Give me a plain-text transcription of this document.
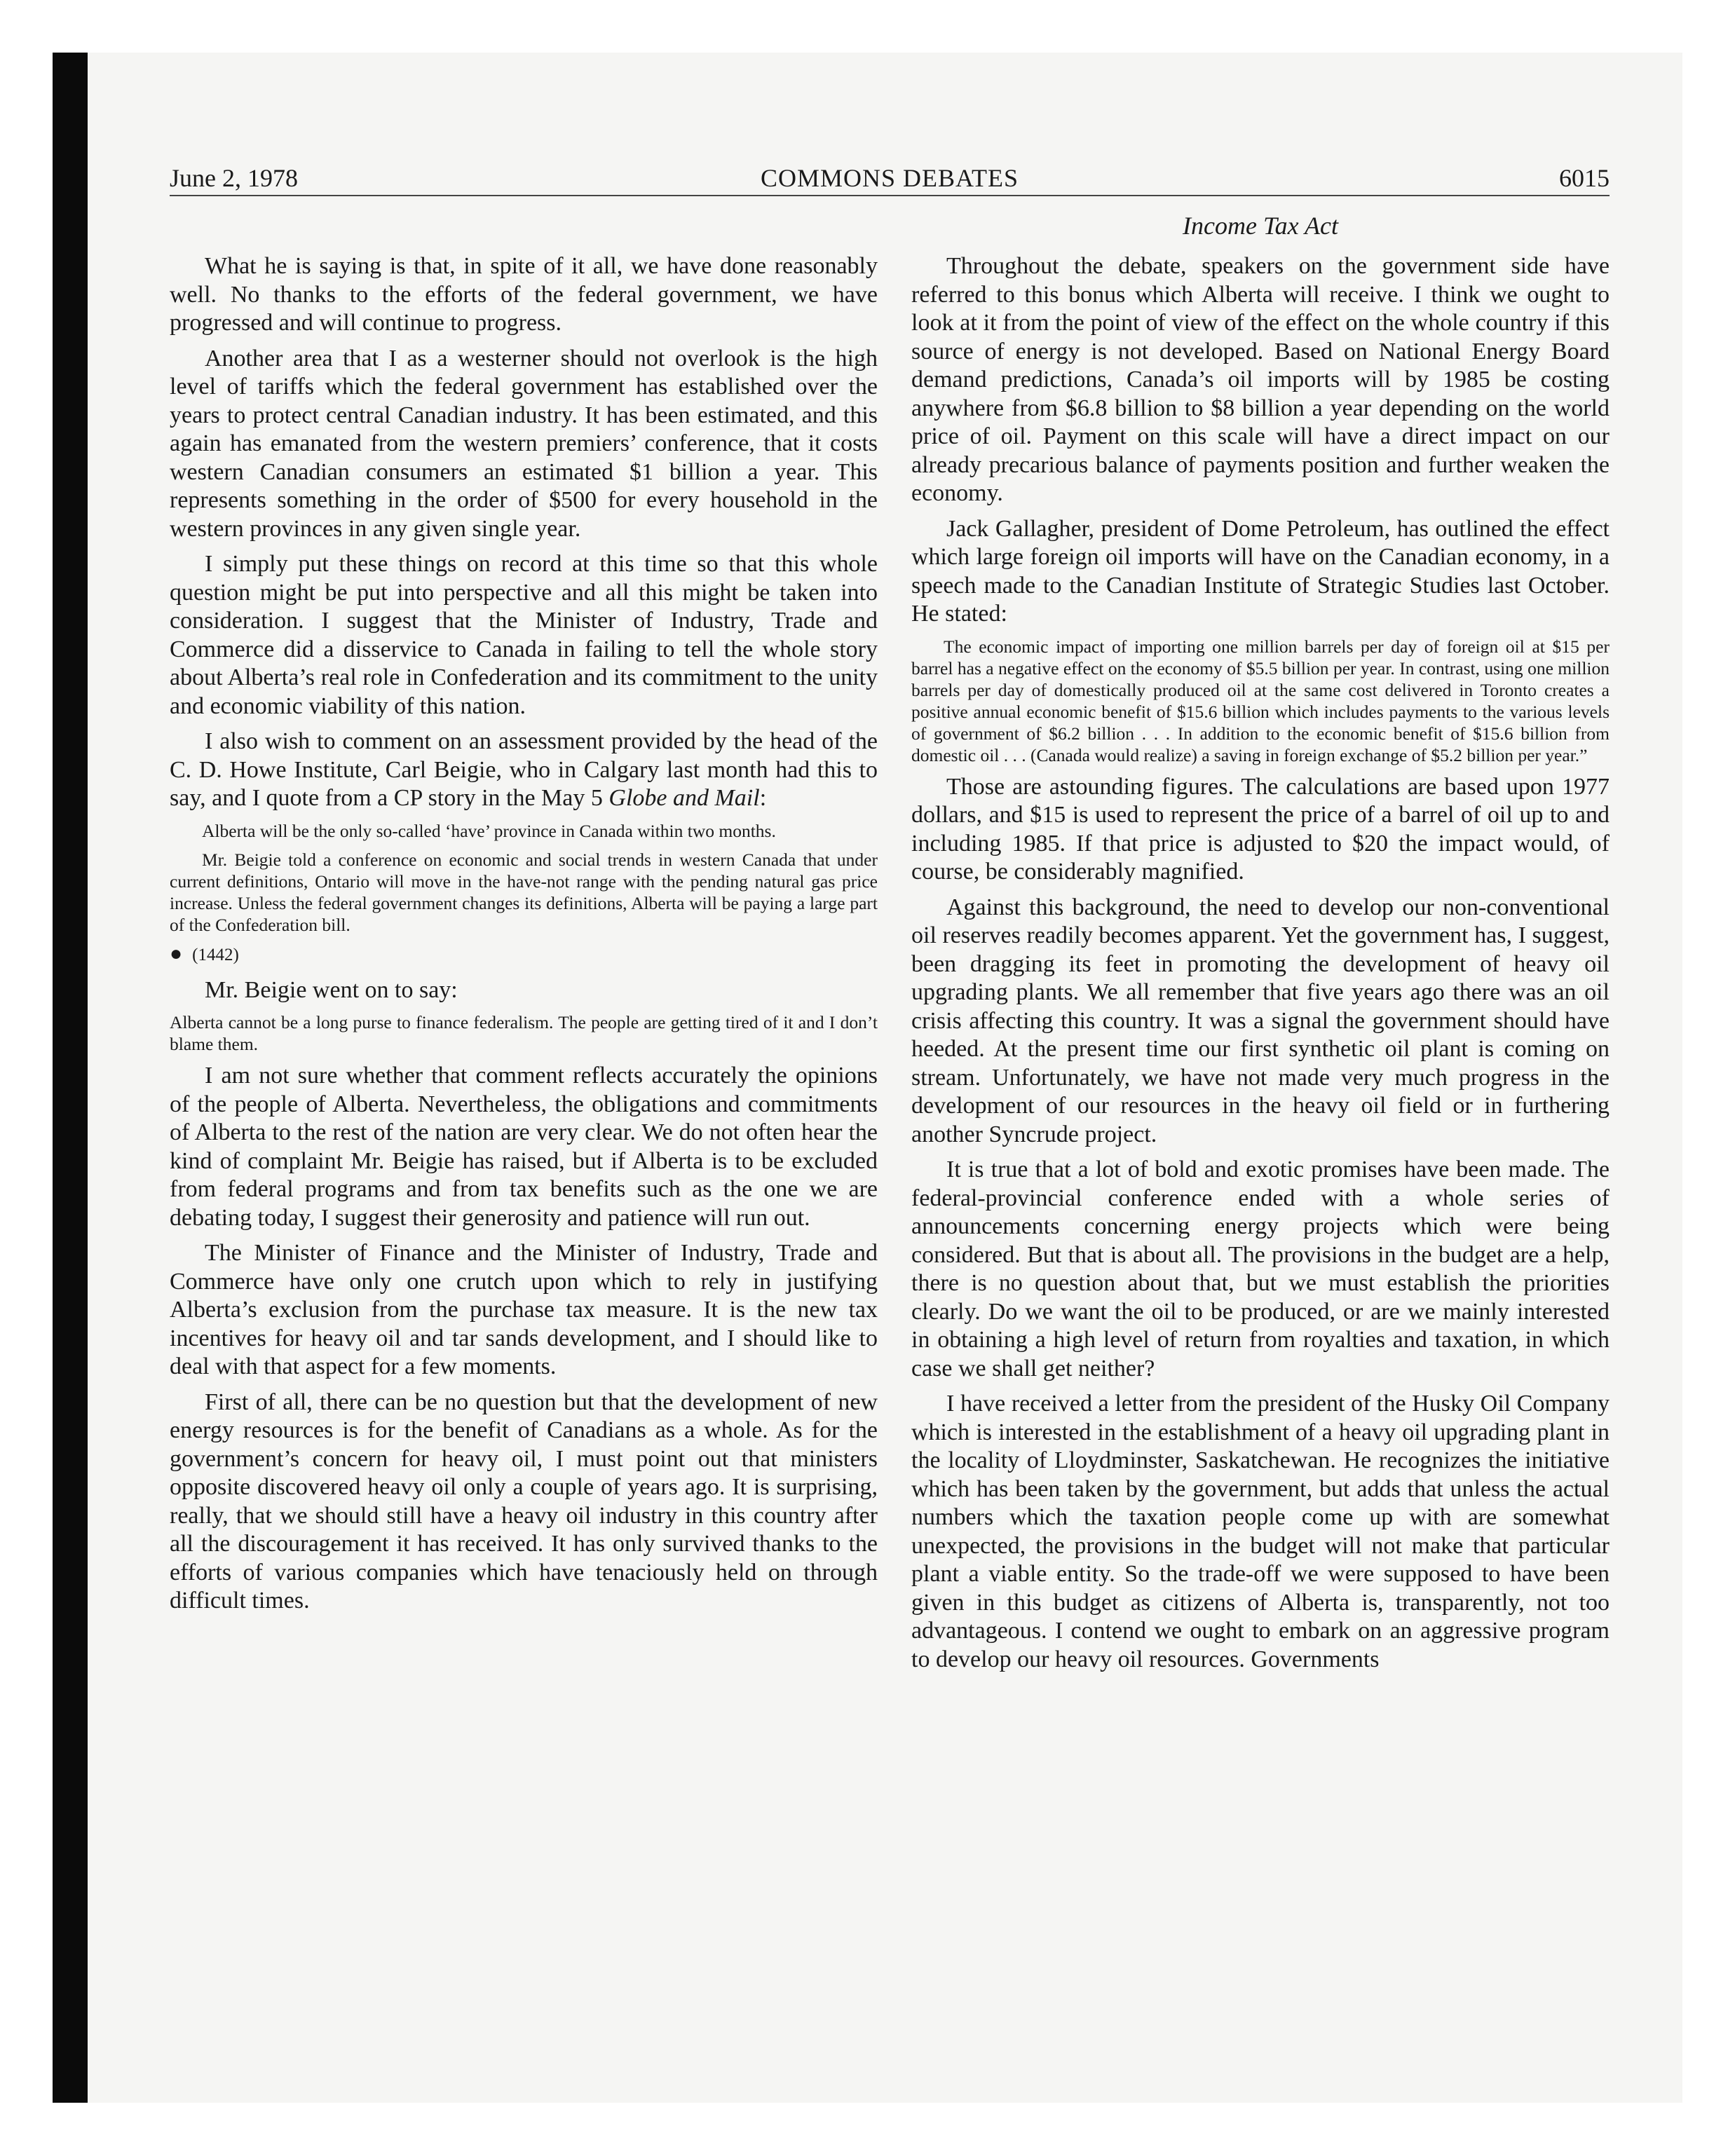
June 2, 1978	COMMONS DEBATES	6015
Income Tax Act

What he is saying is that, in spite of it all, we have done reasonably well. No thanks to the efforts of the federal government, we have progressed and will continue to progress.

Another area that I as a westerner should not overlook is the high level of tariffs which the federal government has established over the years to protect central Canadian industry. It has been estimated, and this again has emanated from the western premiers’ conference, that it costs western Canadian consumers an estimated $1 billion a year. This represents something in the order of $500 for every household in the western provinces in any given single year.

I simply put these things on record at this time so that this whole question might be put into perspective and all this might be taken into consideration. I suggest that the Minister of Industry, Trade and Commerce did a disservice to Canada in failing to tell the whole story about Alberta’s real role in Confederation and its commitment to the unity and economic viability of this nation.

I also wish to comment on an assessment provided by the head of the C. D. Howe Institute, Carl Beigie, who in Calgary last month had this to say, and I quote from a CP story in the May 5 Globe and Mail:

Alberta will be the only so-called ‘have’ province in Canada within two months.

Mr. Beigie told a conference on economic and social trends in western Canada that under current definitions, Ontario will move in the have-not range with the pending natural gas price increase. Unless the federal government changes its definitions, Alberta will be paying a large part of the Confederation bill.

● (1442)

Mr. Beigie went on to say:

Alberta cannot be a long purse to finance federalism. The people are getting tired of it and I don’t blame them.

I am not sure whether that comment reflects accurately the opinions of the people of Alberta. Nevertheless, the obligations and commitments of Alberta to the rest of the nation are very clear. We do not often hear the kind of complaint Mr. Beigie has raised, but if Alberta is to be excluded from federal programs and from tax benefits such as the one we are debating today, I suggest their generosity and patience will run out.

The Minister of Finance and the Minister of Industry, Trade and Commerce have only one crutch upon which to rely in justifying Alberta’s exclusion from the purchase tax measure. It is the new tax incentives for heavy oil and tar sands development, and I should like to deal with that aspect for a few moments.

First of all, there can be no question but that the development of new energy resources is for the benefit of Canadians as a whole. As for the government’s concern for heavy oil, I must point out that ministers opposite discovered heavy oil only a couple of years ago. It is surprising, really, that we should still have a heavy oil industry in this country after all the discouragement it has received. It has only survived thanks to the efforts of various companies which have tenaciously held on through difficult times.

Throughout the debate, speakers on the government side have referred to this bonus which Alberta will receive. I think we ought to look at it from the point of view of the effect on the whole country if this source of energy is not developed. Based on National Energy Board demand predictions, Canada’s oil imports will by 1985 be costing anywhere from $6.8 billion to $8 billion a year depending on the world price of oil. Payment on this scale will have a direct impact on our already precarious balance of payments position and further weaken the economy.

Jack Gallagher, president of Dome Petroleum, has outlined the effect which large foreign oil imports will have on the Canadian economy, in a speech made to the Canadian Institute of Strategic Studies last October. He stated:

The economic impact of importing one million barrels per day of foreign oil at $15 per barrel has a negative effect on the economy of $5.5 billion per year. In contrast, using one million barrels per day of domestically produced oil at the same cost delivered in Toronto creates a positive annual economic benefit of $15.6 billion which includes payments to the various levels of government of $6.2 billion . . . In addition to the economic benefit of $15.6 billion from domestic oil . . . (Canada would realize) a saving in foreign exchange of $5.2 billion per year.”

Those are astounding figures. The calculations are based upon 1977 dollars, and $15 is used to represent the price of a barrel of oil up to and including 1985. If that price is adjusted to $20 the impact would, of course, be considerably magnified.

Against this background, the need to develop our non-conventional oil reserves readily becomes apparent. Yet the government has, I suggest, been dragging its feet in promoting the development of heavy oil upgrading plants. We all remember that five years ago there was an oil crisis affecting this country. It was a signal the government should have heeded. At the present time our first synthetic oil plant is coming on stream. Unfortunately, we have not made very much progress in the development of our resources in the heavy oil field or in furthering another Syncrude project.

It is true that a lot of bold and exotic promises have been made. The federal-provincial conference ended with a whole series of announcements concerning energy projects which were being considered. But that is about all. The provisions in the budget are a help, there is no question about that, but we must establish the priorities clearly. Do we want the oil to be produced, or are we mainly interested in obtaining a high level of return from royalties and taxation, in which case we shall get neither?

I have received a letter from the president of the Husky Oil Company which is interested in the establishment of a heavy oil upgrading plant in the locality of Lloydminster, Saskatchewan. He recognizes the initiative which has been taken by the government, but adds that unless the actual numbers which the taxation people come up with are somewhat unexpected, the provisions in the budget will not make that particular plant a viable entity. So the trade-off we were supposed to have been given in this budget as citizens of Alberta is, transparently, not too advantageous. I contend we ought to embark on an aggressive program to develop our heavy oil resources. Governments
